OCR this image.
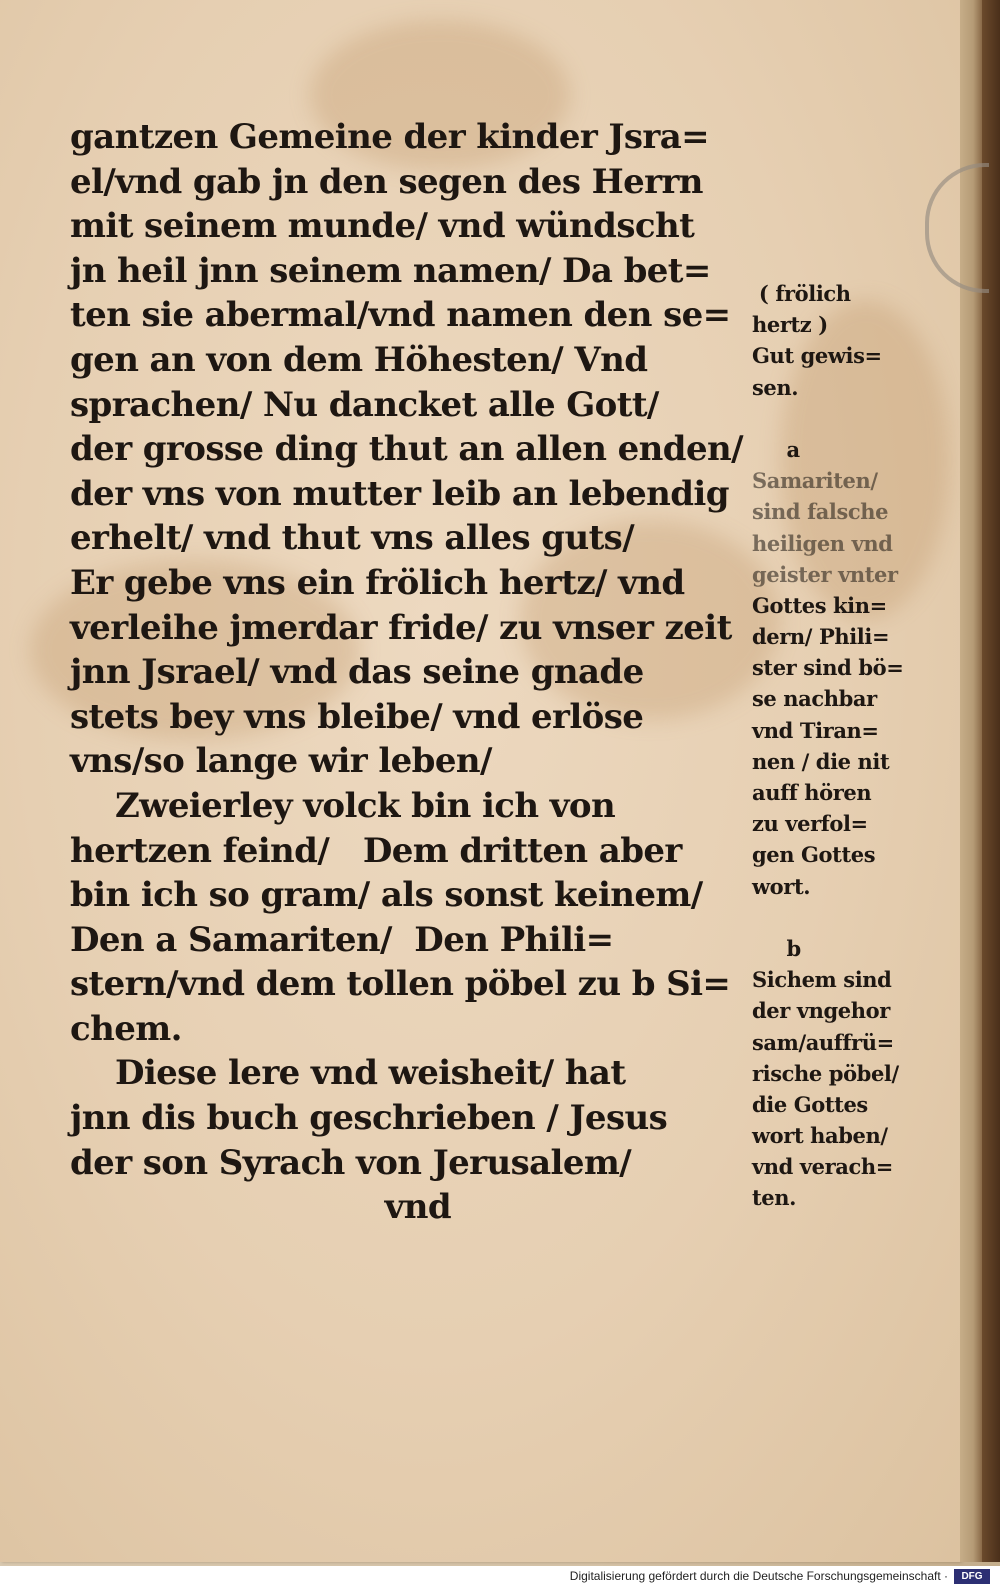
gantzen Gemeine der kinder Jsra=
el/vnd gab jn den segen des Herrn
mit seinem munde/ vnd wündscht
jn heil jnn seinem namen/ Da bet=
ten sie abermal/vnd namen den se=
gen an von dem Höhesten/ Vnd
sprachen/ Nu dancket alle Gott/
der grosse ding thut an allen enden/
der vns von mutter leib an lebendig
erhelt/ vnd thut vns alles guts/
Er gebe vns ein frölich hertz/ vnd
verleihe jmerdar fride/ zu vnser zeit
jnn Jsrael/ vnd das seine gnade
stets bey vns bleibe/ vnd erlöse
vns/so lange wir leben/
Zweierley volck bin ich von
hertzen feind/   Dem dritten aber
bin ich so gram/ als sonst keinem/
Den a Samariten/  Den Phili=
stern/vnd dem tollen pöbel zu b Si=
chem.
Diese lere vnd weisheit/ hat
jnn dis buch geschrieben / Jesus
der son Syrach von Jerusalem/
vnd
( frölich
hertz )
Gut gewis=
sen.
a
Samariten/
sind falsche
heiligen vnd
geister vnter
Gottes kin=
dern/ Phili=
ster sind bö=
se nachbar
vnd Tiran=
nen / die nit
auff hören
zu verfol=
gen Gottes
wort.
b
Sichem sind
der vngehor
sam/auffrü=
rische pöbel/
die Gottes
wort haben/
vnd verach=
ten.
Digitalisierung gefördert durch die Deutsche Forschungsgemeinschaft ·	DFG
